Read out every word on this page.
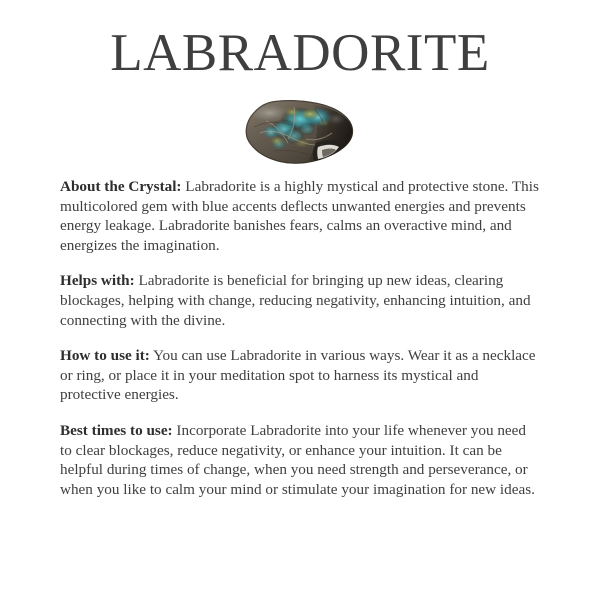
LABRADORITE

About the Crystal: Labradorite is a highly mystical and protective stone. This multicolored gem with blue accents deflects unwanted energies and prevents energy leakage. Labradorite banishes fears, calms an overactive mind, and energizes the imagination.

Helps with: Labradorite is beneficial for bringing up new ideas, clearing blockages, helping with change, reducing negativity, enhancing intuition, and connecting with the divine.

How to use it: You can use Labradorite in various ways. Wear it as a necklace or ring, or place it in your meditation spot to harness its mystical and protective energies.

Best times to use: Incorporate Labradorite into your life whenever you need to clear blockages, reduce negativity, or enhance your intuition. It can be helpful during times of change, when you need strength and perseverance, or when you like to calm your mind or stimulate your imagination for new ideas.
